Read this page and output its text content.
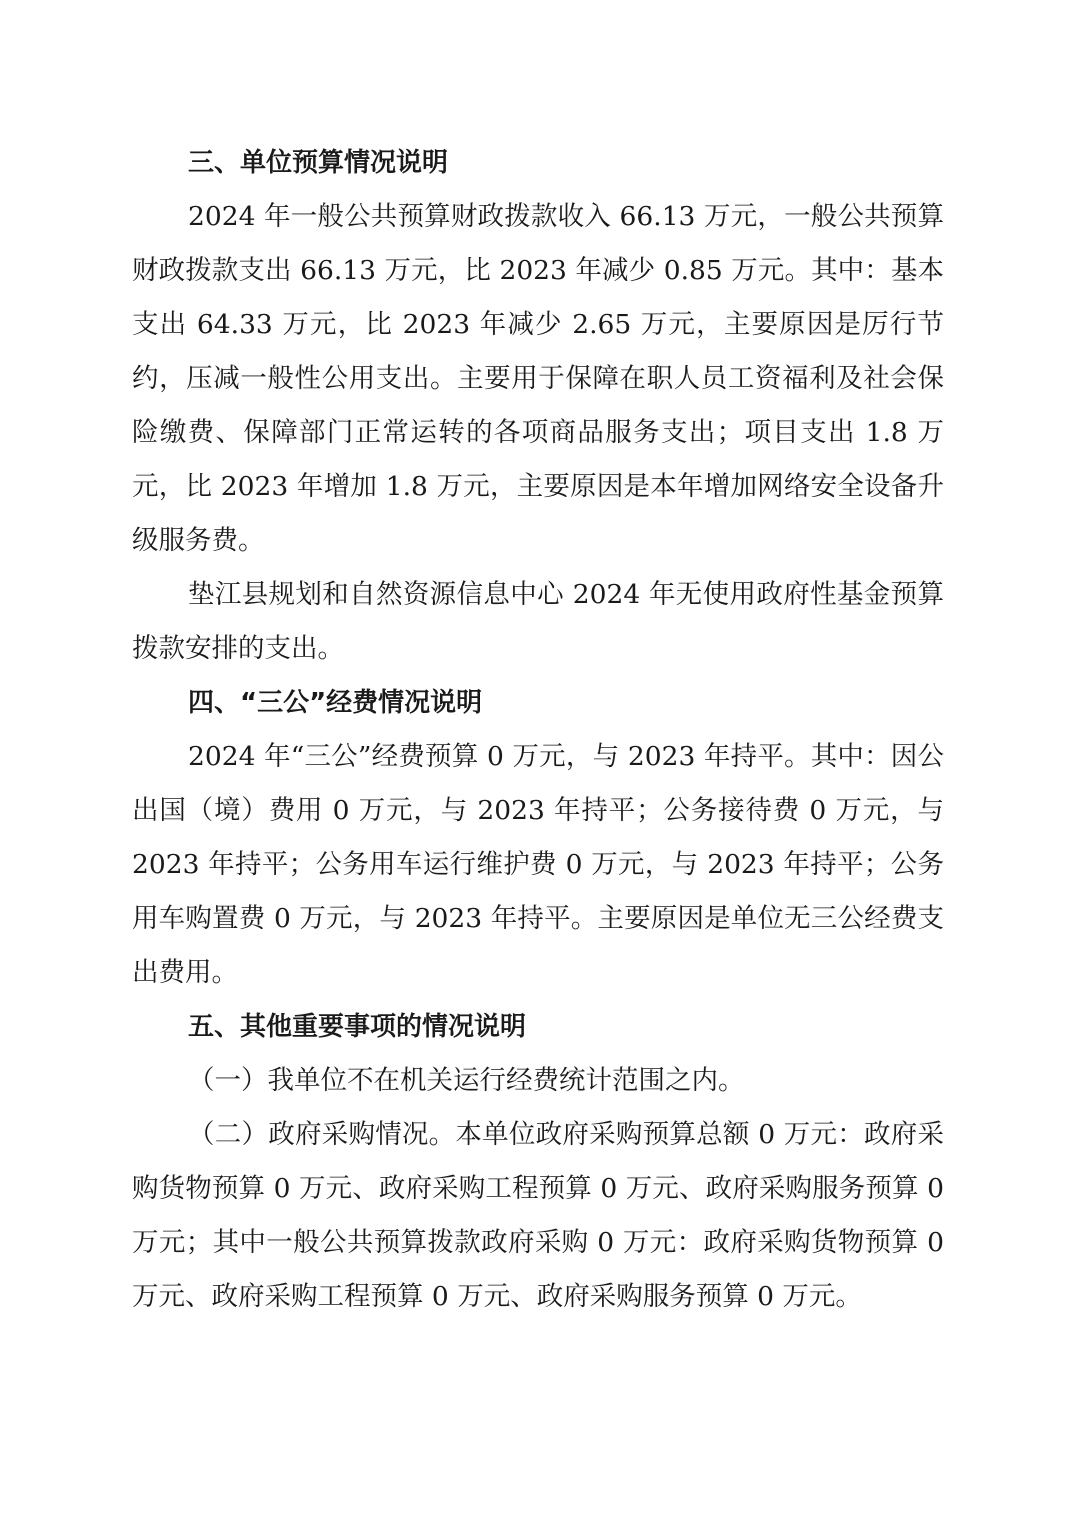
三、单位预算情况说明

2024 年一般公共预算财政拨款收入 66.13 万元，一般公共预算财政拨款支出 66.13 万元，比 2023 年减少 0.85 万元。其中：基本支出 64.33 万元，比 2023 年减少 2.65 万元，主要原因是厉行节约，压减一般性公用支出。主要用于保障在职人员工资福利及社会保险缴费、保障部门正常运转的各项商品服务支出；项目支出 1.8 万元，比 2023 年增加 1.8 万元，主要原因是本年增加网络安全设备升级服务费。

垫江县规划和自然资源信息中心 2024 年无使用政府性基金预算拨款安排的支出。

四、“三公”经费情况说明

2024 年“三公”经费预算 0 万元，与 2023 年持平。其中：因公出国（境）费用 0 万元，与 2023 年持平；公务接待费 0 万元，与 2023 年持平；公务用车运行维护费 0 万元，与 2023 年持平；公务用车购置费 0 万元，与 2023 年持平。主要原因是单位无三公经费支出费用。

五、其他重要事项的情况说明

（一）我单位不在机关运行经费统计范围之内。

（二）政府采购情况。本单位政府采购预算总额 0 万元：政府采购货物预算 0 万元、政府采购工程预算 0 万元、政府采购服务预算 0 万元；其中一般公共预算拨款政府采购 0 万元：政府采购货物预算 0 万元、政府采购工程预算 0 万元、政府采购服务预算 0 万元。
